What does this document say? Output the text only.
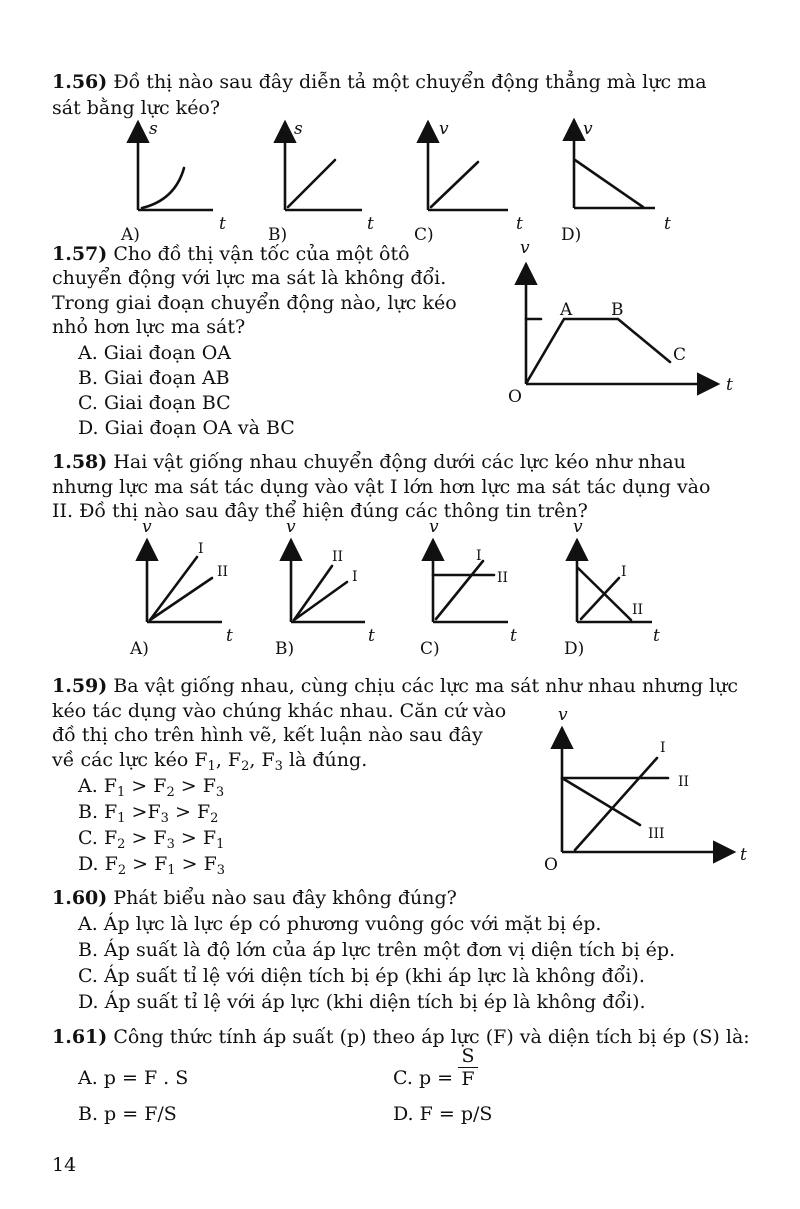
1.56) Đồ thị nào sau đây diễn tả một chuyển động thẳng mà lực ma
sát bằng lực kéo?
1.57) Cho đồ thị vận tốc của một ôtô
chuyển động với lực ma sát là không đổi.
Trong giai đoạn chuyển động nào, lực kéo
nhỏ hơn lực ma sát?
A. Giai đoạn OA
B. Giai đoạn AB
C. Giai đoạn BC
D. Giai đoạn OA và BC
1.58) Hai vật giống nhau chuyển động dưới các lực kéo như nhau
nhưng lực ma sát tác dụng vào vật I lớn hơn lực ma sát tác dụng vào
II. Đồ thị nào sau đây thể hiện đúng các thông tin trên?
1.59) Ba vật giống nhau, cùng chịu các lực ma sát như nhau nhưng lực
kéo tác dụng vào chúng khác nhau. Căn cứ vào
đồ thị cho trên hình vẽ, kết luận nào sau đây
về các lực kéo $F_1$, $F_2$, $F_3$ là đúng.
A. $F_1 > F_2 > F_3$
B. $F_1 >F_3 > F_2$
C. $F_2 > F_3 > F_1$
D. $F_2 > F_1 > F_3$
1.60) Phát biểu nào sau đây không đúng?
A. Áp lực là lực ép có phương vuông góc với mặt bị ép.
B. Áp suất là độ lớn của áp lực trên một đơn vị diện tích bị ép.
C. Áp suất tỉ lệ với diện tích bị ép (khi áp lực là không đổi).
D. Áp suất tỉ lệ với áp lực (khi diện tích bị ép là không đổi).
1.61) Công thức tính áp suất (p) theo áp lực (F) và diện tích bị ép (S) là:
A. p = F . S	C. p =
S
F
B. p = F/S	D. F = p/S
14
s
t
A)
s
t
B)
v
t
C)
v
t
D)
v
t
O
A B
C
v
t
I
II
A)
v
t
II
I
B)
v
t
I
II
C)
v
t
I
II
D)
v
t
O
I
II
III
